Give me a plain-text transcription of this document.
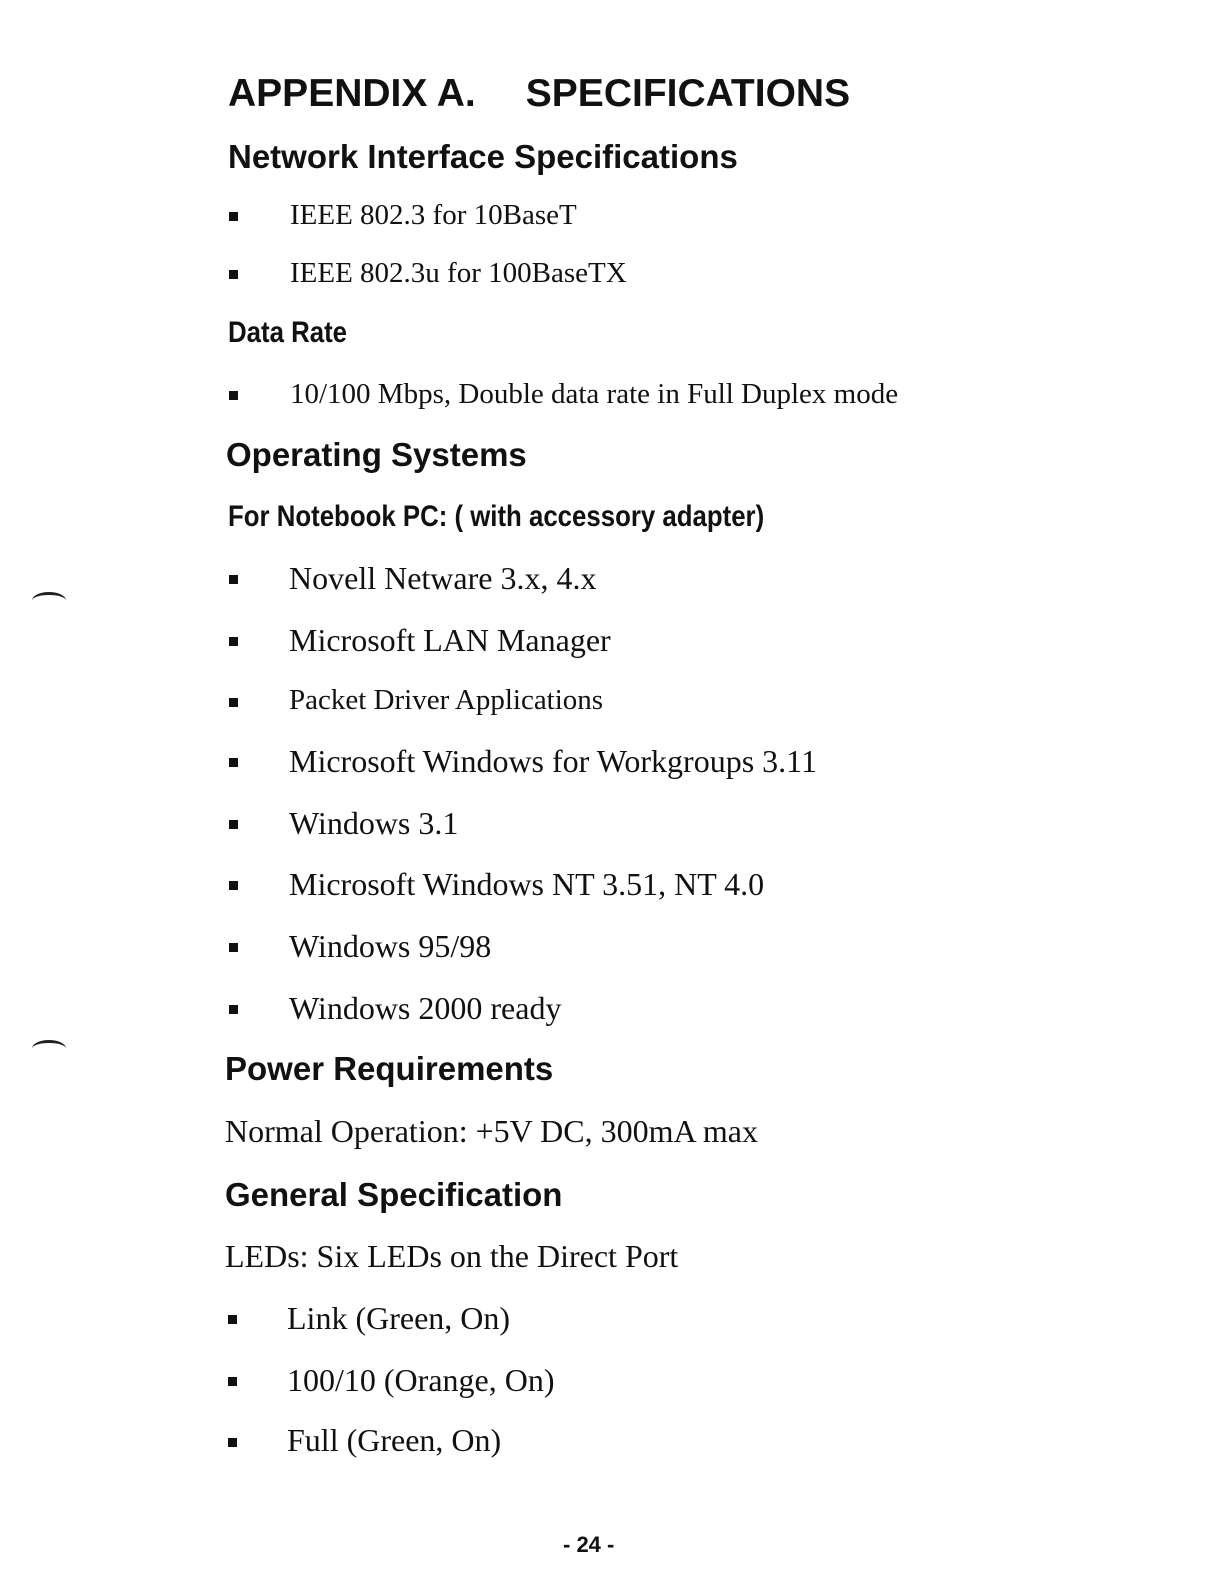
APPENDIX A. SPECIFICATIONS
Network Interface Specifications
IEEE 802.3 for 10BaseT
IEEE 802.3u for 100BaseTX
Data Rate
10/100 Mbps, Double data rate in Full Duplex mode
Operating Systems
For Notebook PC: ( with accessory adapter)
Novell Netware 3.x, 4.x
Microsoft LAN Manager
Packet Driver Applications
Microsoft Windows for Workgroups 3.11
Windows 3.1
Microsoft Windows NT 3.51, NT 4.0
Windows 95/98
Windows 2000 ready
Power Requirements
Normal Operation: +5V DC, 300mA max
General Specification
LEDs: Six LEDs on the Direct Port
Link (Green, On)
100/10 (Orange, On)
Full (Green, On)
- 24 -
